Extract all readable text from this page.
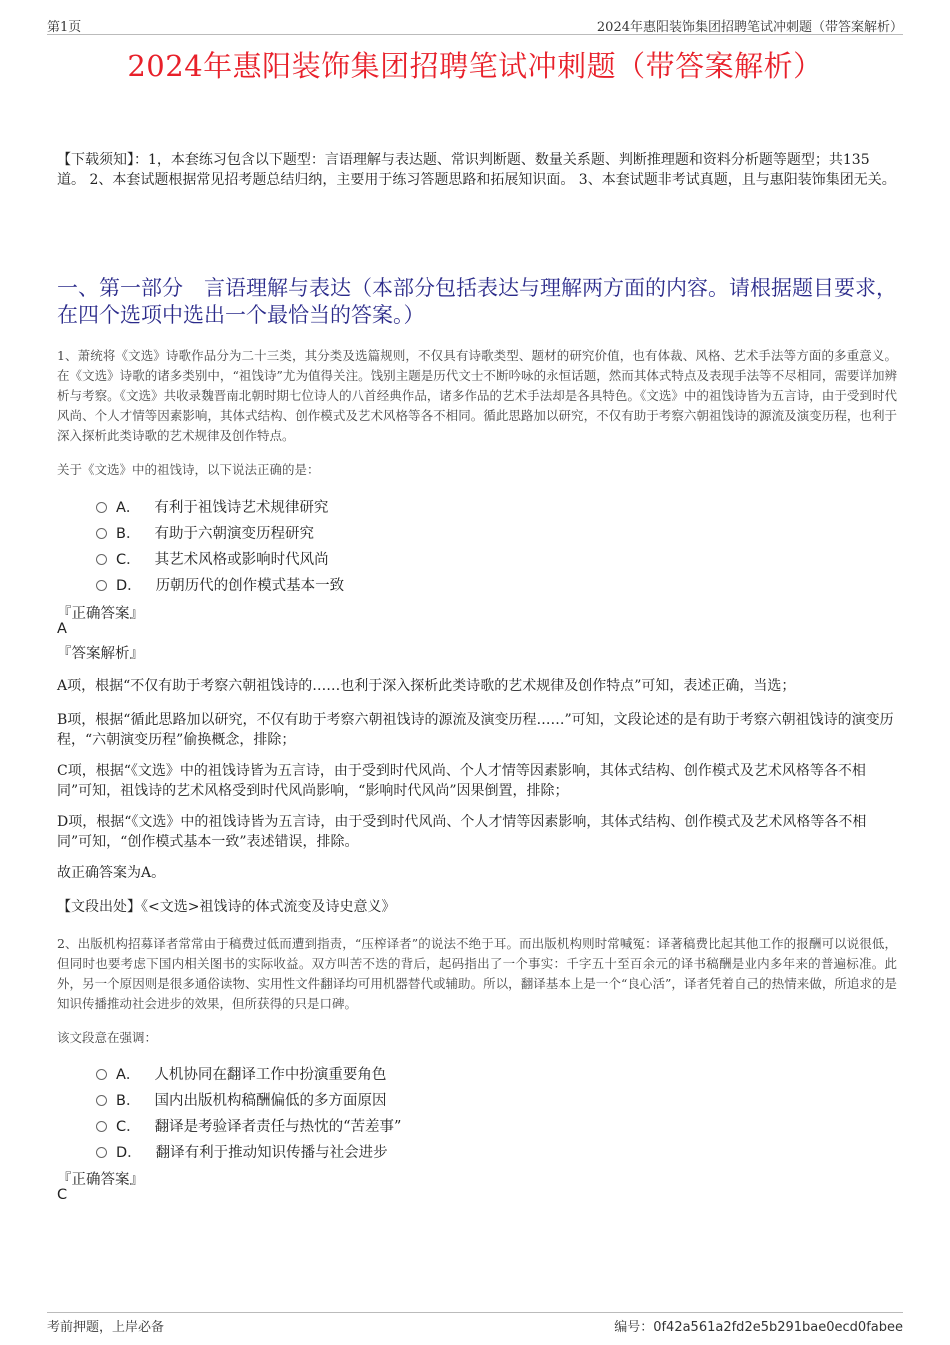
第1页	2024年惠阳装饰集团招聘笔试冲刺题（带答案解析）
2024年惠阳装饰集团招聘笔试冲刺题（带答案解析）
【下载须知】：1，本套练习包含以下题型：言语理解与表达题、常识判断题、数量关系题、判断推理题和资料分析题等题型；共135道。 2、本套试题根据常见招考题总结归纳，主要用于练习答题思路和拓展知识面。 3、本套试题非考试真题，且与惠阳装饰集团无关。
一、第一部分　言语理解与表达（本部分包括表达与理解两方面的内容。请根据题目要求，在四个选项中选出一个最恰当的答案。）
1、萧统将《文选》诗歌作品分为二十三类，其分类及选篇规则，不仅具有诗歌类型、题材的研究价值，也有体裁、风格、艺术手法等方面的多重意义。在《文选》诗歌的诸多类别中，“祖饯诗”尤为值得关注。饯别主题是历代文士不断吟咏的永恒话题，然而其体式特点及表现手法等不尽相同，需要详加辨析与考察。《文选》共收录魏晋南北朝时期七位诗人的八首经典作品，诸多作品的艺术手法却是各具特色。《文选》中的祖饯诗皆为五言诗，由于受到时代风尚、个人才情等因素影响，其体式结构、创作模式及艺术风格等各不相同。循此思路加以研究，不仅有助于考察六朝祖饯诗的源流及演变历程，也利于深入探析此类诗歌的艺术规律及创作特点。
关于《文选》中的祖饯诗，以下说法正确的是：
A． 有利于祖饯诗艺术规律研究
B． 有助于六朝演变历程研究
C． 其艺术风格或影响时代风尚
D． 历朝历代的创作模式基本一致
『正确答案』
A
『答案解析』
A项，根据“不仅有助于考察六朝祖饯诗的……也利于深入探析此类诗歌的艺术规律及创作特点”可知，表述正确，当选；
B项，根据“循此思路加以研究，不仅有助于考察六朝祖饯诗的源流及演变历程……”可知，文段论述的是有助于考察六朝祖饯诗的演变历程，“六朝演变历程”偷换概念，排除；
C项，根据“《文选》中的祖饯诗皆为五言诗，由于受到时代风尚、个人才情等因素影响，其体式结构、创作模式及艺术风格等各不相同”可知，祖饯诗的艺术风格受到时代风尚影响，“影响时代风尚”因果倒置，排除；
D项，根据“《文选》中的祖饯诗皆为五言诗，由于受到时代风尚、个人才情等因素影响，其体式结构、创作模式及艺术风格等各不相同”可知，“创作模式基本一致”表述错误，排除。
故正确答案为A。
【文段出处】《<文选>祖饯诗的体式流变及诗史意义》
2、出版机构招募译者常常由于稿费过低而遭到指责，“压榨译者”的说法不绝于耳。而出版机构则时常喊冤：译著稿费比起其他工作的报酬可以说很低，但同时也要考虑下国内相关图书的实际收益。双方叫苦不迭的背后，起码指出了一个事实：千字五十至百余元的译书稿酬是业内多年来的普遍标准。此外，另一个原因则是很多通俗读物、实用性文件翻译均可用机器替代或辅助。所以，翻译基本上是一个“良心活”，译者凭着自己的热情来做，所追求的是知识传播推动社会进步的效果，但所获得的只是口碑。
该文段意在强调：
A． 人机协同在翻译工作中扮演重要角色
B． 国内出版机构稿酬偏低的多方面原因
C． 翻译是考验译者责任与热忱的“苦差事”
D． 翻译有利于推动知识传播与社会进步
『正确答案』
C
考前押题，上岸必备	编号：0f42a561a2fd2e5b291bae0ecd0fabee
